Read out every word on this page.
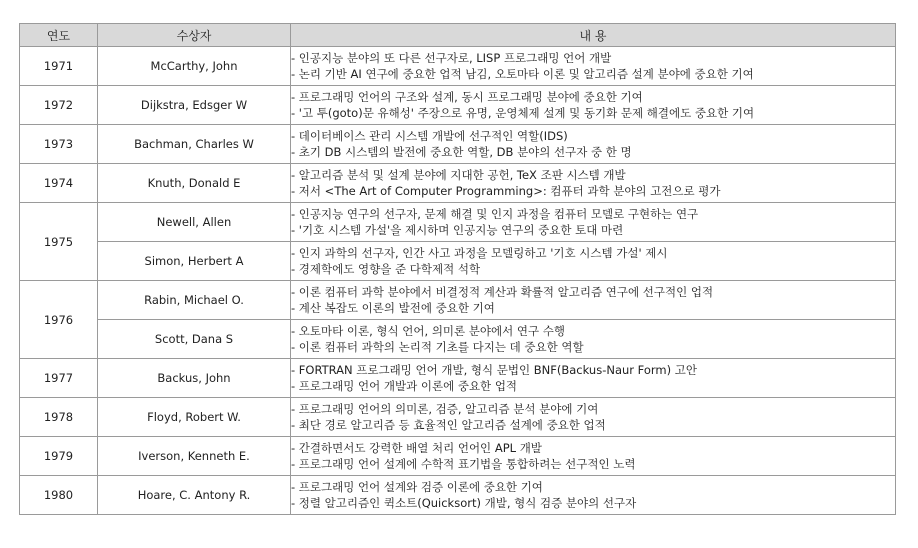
연도	수상자	내 용
1971	McCarthy, John	- 인공지능 분야의 또 다른 선구자로, LISP 프로그래밍 언어 개발
- 논리 기반 AI 연구에 중요한 업적 남김, 오토마타 이론 및 알고리즘 설계 분야에 중요한 기여

1972	Dijkstra, Edsger W	- 프로그래밍 언어의 구조와 설계, 동시 프로그래밍 분야에 중요한 기여
- '고 투(goto)문 유해성' 주장으로 유명, 운영체제 설계 및 동기화 문제 해결에도 중요한 기여

1973	Bachman, Charles W	- 데이터베이스 관리 시스템 개발에 선구적인 역할(IDS)
- 초기 DB 시스템의 발전에 중요한 역할, DB 분야의 선구자 중 한 명

1974	Knuth, Donald E	- 알고리즘 분석 및 설계 분야에 지대한 공헌, TeX 조판 시스템 개발
- 저서 <The Art of Computer Programming>: 컴퓨터 과학 분야의 고전으로 평가

1975	Newell, Allen	- 인공지능 연구의 선구자, 문제 해결 및 인지 과정을 컴퓨터 모델로 구현하는 연구
- '기호 시스템 가설'을 제시하며 인공지능 연구의 중요한 토대 마련

	Simon, Herbert A	- 인지 과학의 선구자, 인간 사고 과정을 모델링하고 '기호 시스템 가설' 제시
- 경제학에도 영향을 준 다학제적 석학

1976	Rabin, Michael O.	- 이론 컴퓨터 과학 분야에서 비결정적 계산과 확률적 알고리즘 연구에 선구적인 업적
- 계산 복잡도 이론의 발전에 중요한 기여

	Scott, Dana S	- 오토마타 이론, 형식 언어, 의미론 분야에서 연구 수행
- 이론 컴퓨터 과학의 논리적 기초를 다지는 데 중요한 역할

1977	Backus, John	- FORTRAN 프로그래밍 언어 개발, 형식 문법인 BNF(Backus-Naur Form) 고안
- 프로그래밍 언어 개발과 이론에 중요한 업적

1978	Floyd, Robert W.	- 프로그래밍 언어의 의미론, 검증, 알고리즘 분석 분야에 기여
- 최단 경로 알고리즘 등 효율적인 알고리즘 설계에 중요한 업적

1979	Iverson, Kenneth E.	- 간결하면서도 강력한 배열 처리 언어인 APL 개발
- 프로그래밍 언어 설계에 수학적 표기법을 통합하려는 선구적인 노력

1980	Hoare, C. Antony R.	- 프로그래밍 언어 설계와 검증 이론에 중요한 기여
- 정렬 알고리즘인 퀵소트(Quicksort) 개발, 형식 검증 분야의 선구자
